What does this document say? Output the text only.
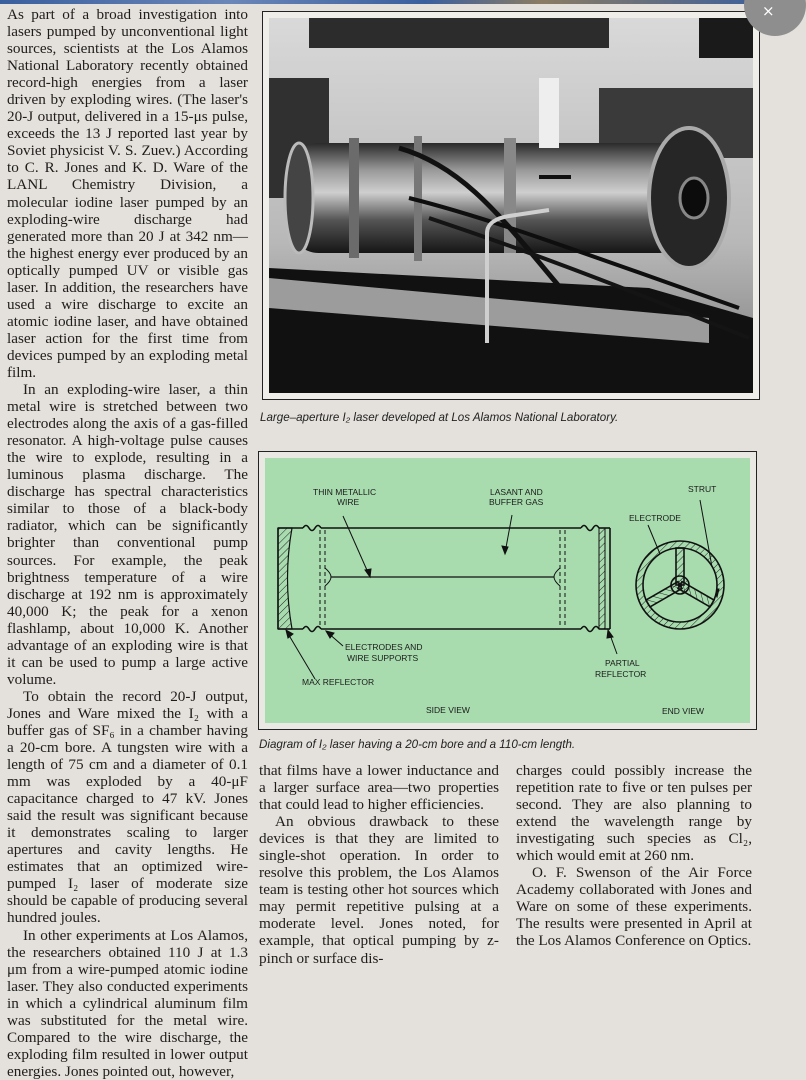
As part of a broad investigation into lasers pumped by unconventional light sources, scientists at the Los Alamos National Laboratory recently obtained record-high energies from a laser driven by exploding wires. (The laser's 20-J output, delivered in a 15-μs pulse, exceeds the 13 J reported last year by Soviet physicist V. S. Zuev.) According to C. R. Jones and K. D. Ware of the LANL Chemistry Division, a molecular iodine laser pumped by an exploding-wire discharge had generated more than 20 J at 342 nm—the highest energy ever produced by an optically pumped UV or visible gas laser. In addition, the researchers have used a wire discharge to excite an atomic iodine laser, and have obtained laser action for the first time from devices pumped by an exploding metal film.

In an exploding-wire laser, a thin metal wire is stretched between two electrodes along the axis of a gas-filled resonator. A high-voltage pulse causes the wire to explode, resulting in a luminous plasma discharge. The discharge has spectral characteristics similar to those of a black-body radiator, which can be significantly brighter than conventional pump sources. For example, the peak brightness temperature of a wire discharge at 192 nm is approximately 40,000 K; the peak for a xenon flashlamp, about 10,000 K. Another advantage of an exploding wire is that it can be used to pump a large active volume.

To obtain the record 20-J output, Jones and Ware mixed the I₂ with a buffer gas of SF₆ in a chamber having a 20-cm bore. A tungsten wire with a length of 75 cm and a diameter of 0.1 mm was exploded by a 40-μF capacitance charged to 47 kV. Jones said the result was significant because it demonstrates scaling to larger apertures and cavity lengths. He estimates that an optimized wire-pumped I₂ laser of moderate size should be capable of producing several hundred joules.

In other experiments at Los Alamos, the researchers obtained 110 J at 1.3 μm from a wire-pumped atomic iodine laser. They also conducted experiments in which a cylindrical aluminum film was substituted for the metal wire. Compared to the wire discharge, the exploding film resulted in lower output energies. Jones pointed out, however,

×
Large–aperture I₂ laser developed at Los Alamos National Laboratory.
THIN METALLIC
WIRE
LASANT AND
BUFFER GAS
STRUT
ELECTRODE
ELECTRODES AND
WIRE SUPPORTS	PARTIAL
REFLECTOR
MAX REFLECTOR
SIDE VIEW	END VIEW
Diagram of I₂ laser having a 20-cm bore and a 110-cm length.

that films have a lower inductance and a larger surface area—two properties that could lead to higher efficiencies.

An obvious drawback to these devices is that they are limited to single-shot operation. In order to resolve this problem, the Los Alamos team is testing other hot sources which may permit repetitive pulsing at a moderate level. Jones noted, for example, that optical pumping by z-pinch or surface dis-

charges could possibly increase the repetition rate to five or ten pulses per second. They are also planning to extend the wavelength range by investigating such species as Cl₂, which would emit at 260 nm.

O. F. Swenson of the Air Force Academy collaborated with Jones and Ware on some of these experiments. The results were presented in April at the Los Alamos Conference on Optics.
